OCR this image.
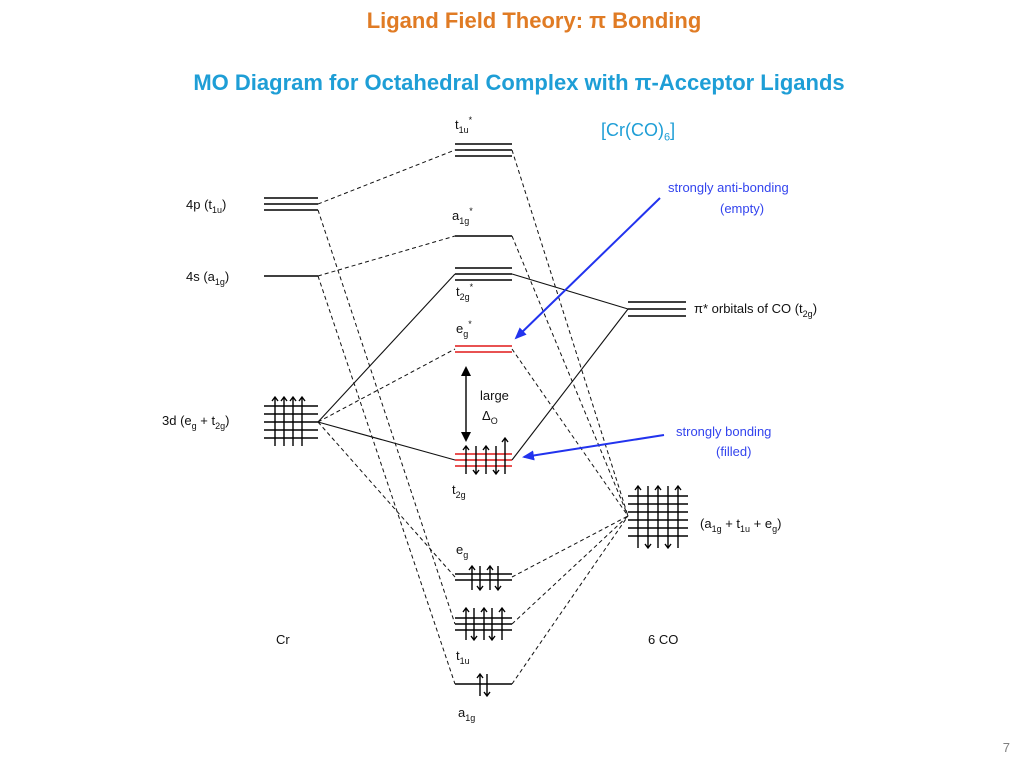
Ligand Field Theory: π Bonding
MO Diagram for Octahedral Complex with π-Acceptor Ligands
$[Cr(CO)_6]$
4p $(t_{1u})$
4s $(a_{1g})$
3d $(e_g + t_{2g})$
Cr
π* orbitals of CO $(t_{2g})$
$(a_{1g} + t_{1u} + e_g)$
6 CO
$t_{1u}^*$
$a_{1g}^*$
$t_{2g}^*$
$e_g^*$
$t_{2g}$
$e_g$
$t_{1u}$
$a_{1g}$
large
$\Delta_O$
strongly anti-bonding
(empty)
strongly bonding
(filled)
7
